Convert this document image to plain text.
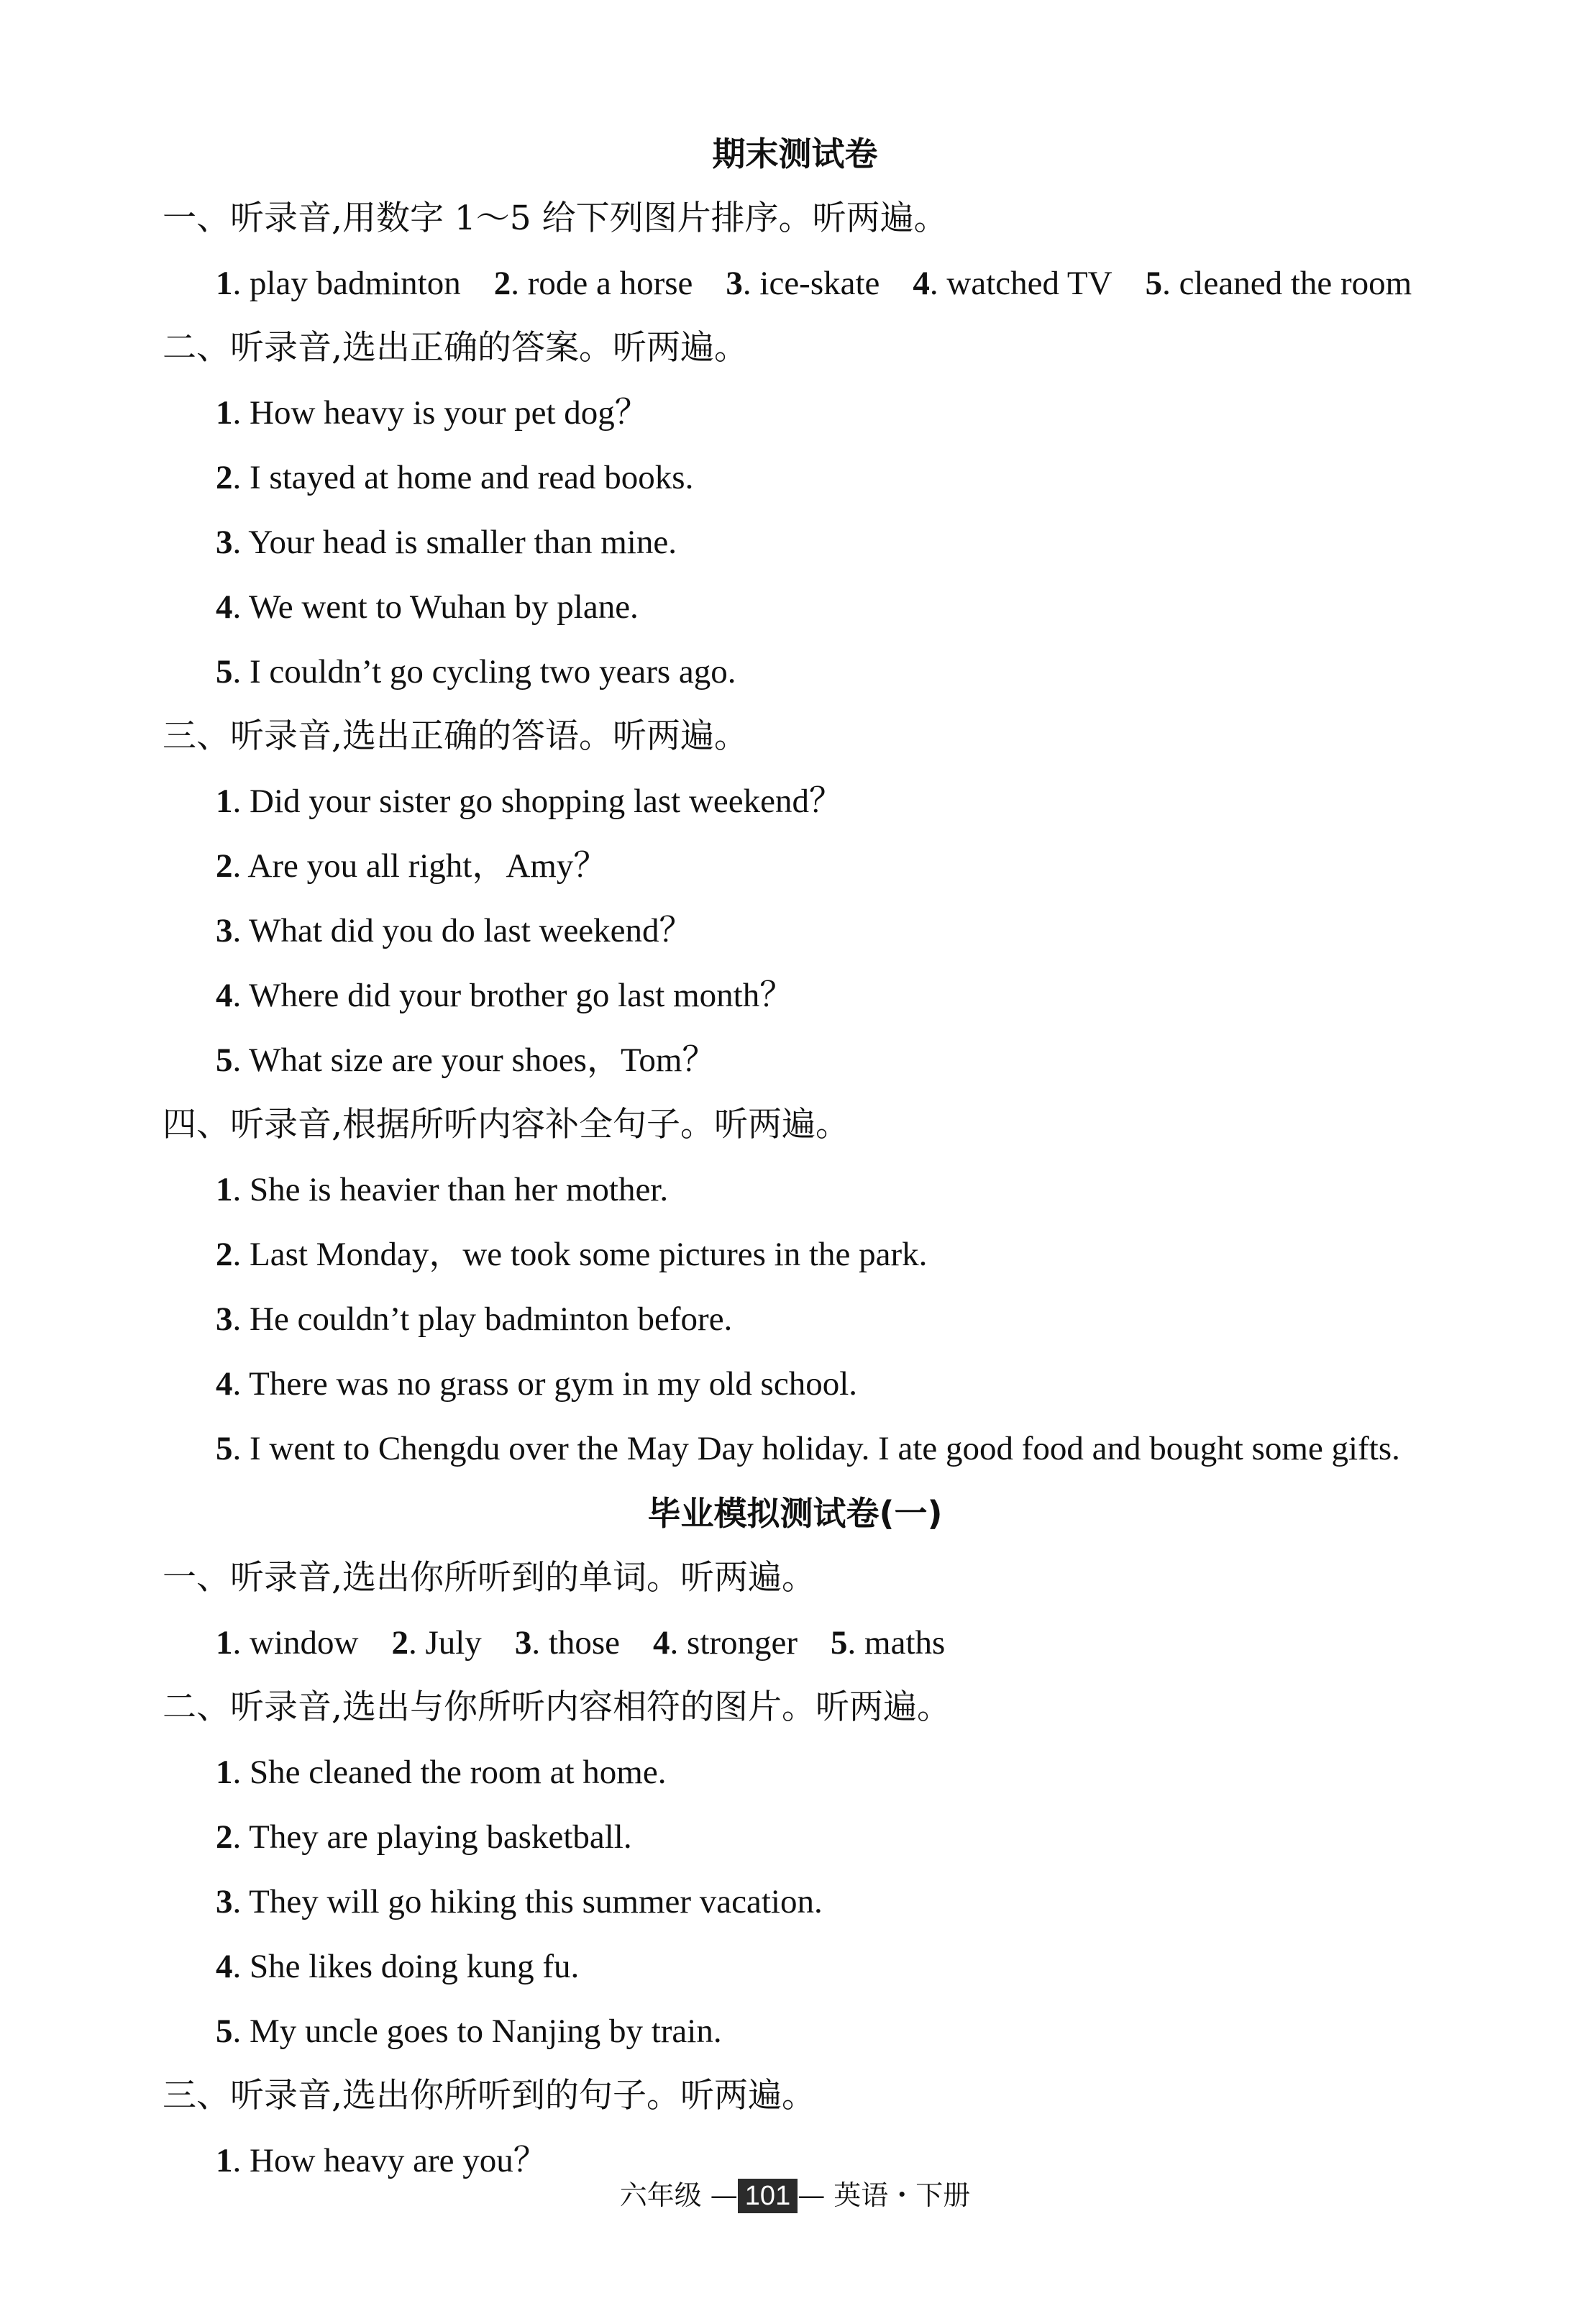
期末测试卷
一、听录音,用数字 1～5 给下列图片排序。听两遍。
1. play badminton 2. rode a horse 3. ice-skate 4. watched TV 5. cleaned the room
二、听录音,选出正确的答案。听两遍。
1. How heavy is your pet dog？
2. I stayed at home and read books.
3. Your head is smaller than mine.
4. We went to Wuhan by plane.
5. I couldn’t go cycling two years ago.
三、听录音,选出正确的答语。听两遍。
1. Did your sister go shopping last weekend？
2. Are you all right，Amy？
3. What did you do last weekend？
4. Where did your brother go last month？
5. What size are your shoes，Tom？
四、听录音,根据所听内容补全句子。听两遍。
1. She is heavier than her mother.
2. Last Monday，we took some pictures in the park.
3. He couldn’t play badminton before.
4. There was no grass or gym in my old school.
5. I went to Chengdu over the May Day holiday. I ate good food and bought some gifts.
毕业模拟测试卷(一)
一、听录音,选出你所听到的单词。听两遍。
1. window 2. July 3. those 4. stronger 5. maths
二、听录音,选出与你所听内容相符的图片。听两遍。
1. She cleaned the room at home.
2. They are playing basketball.
3. They will go hiking this summer vacation.
4. She likes doing kung fu.
5. My uncle goes to Nanjing by train.
三、听录音,选出你所听到的句子。听两遍。
1. How heavy are you？
六年级 — 101 — 英语・下册
